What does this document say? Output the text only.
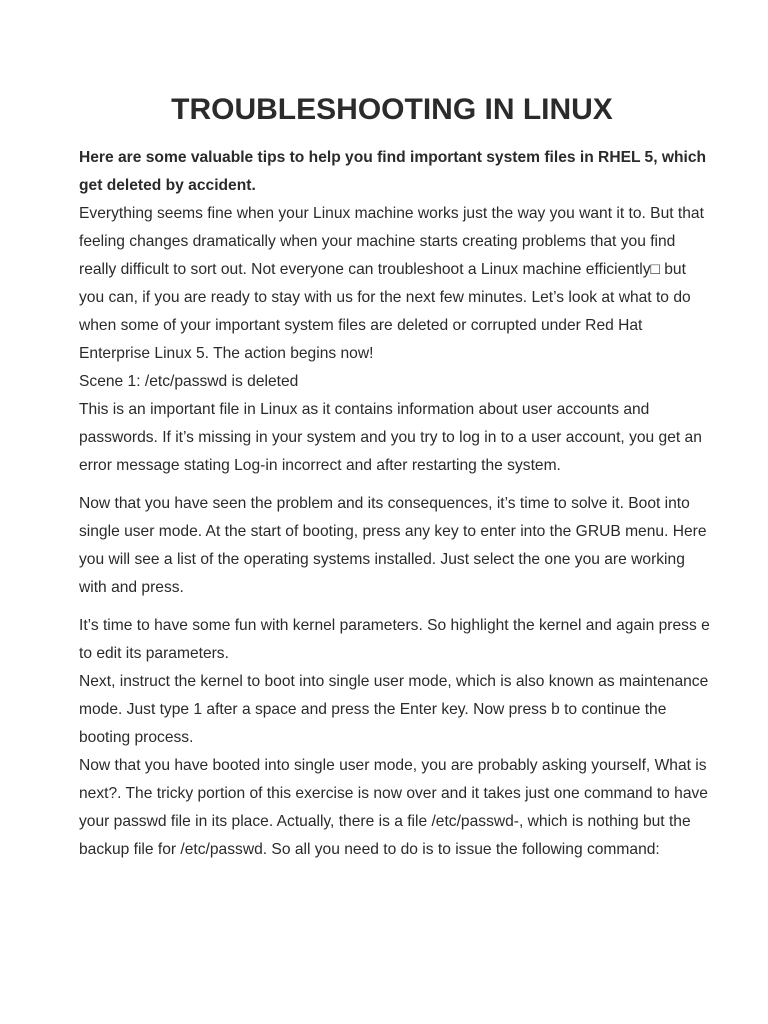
TROUBLESHOOTING IN LINUX

Here are some valuable tips to help you find important system files in RHEL 5, which get deleted by accident.

Everything seems fine when your Linux machine works just the way you want it to. But that feeling changes dramatically when your machine starts creating problems that you find really difficult to sort out. Not everyone can troubleshoot a Linux machine efficiently□ but you can, if you are ready to stay with us for the next few minutes. Let’s look at what to do when some of your important system files are deleted or corrupted under Red Hat Enterprise Linux 5. The action begins now!

Scene 1: /etc/passwd is deleted

This is an important file in Linux as it contains information about user accounts and passwords. If it’s missing in your system and you try to log in to a user account, you get an error message stating Log-in incorrect and after restarting the system.

Now that you have seen the problem and its consequences, it’s time to solve it. Boot into single user mode. At the start of booting, press any key to enter into the GRUB menu. Here you will see a list of the operating systems installed. Just select the one you are working with and press.

It’s time to have some fun with kernel parameters. So highlight the kernel and again press e to edit its parameters.

Next, instruct the kernel to boot into single user mode, which is also known as maintenance mode. Just type 1 after a space and press the Enter key. Now press b to continue the booting process.

Now that you have booted into single user mode, you are probably asking yourself, What is next?. The tricky portion of this exercise is now over and it takes just one command to have your passwd file in its place. Actually, there is a file /etc/passwd-, which is nothing but the backup file for /etc/passwd. So all you need to do is to issue the following command:
